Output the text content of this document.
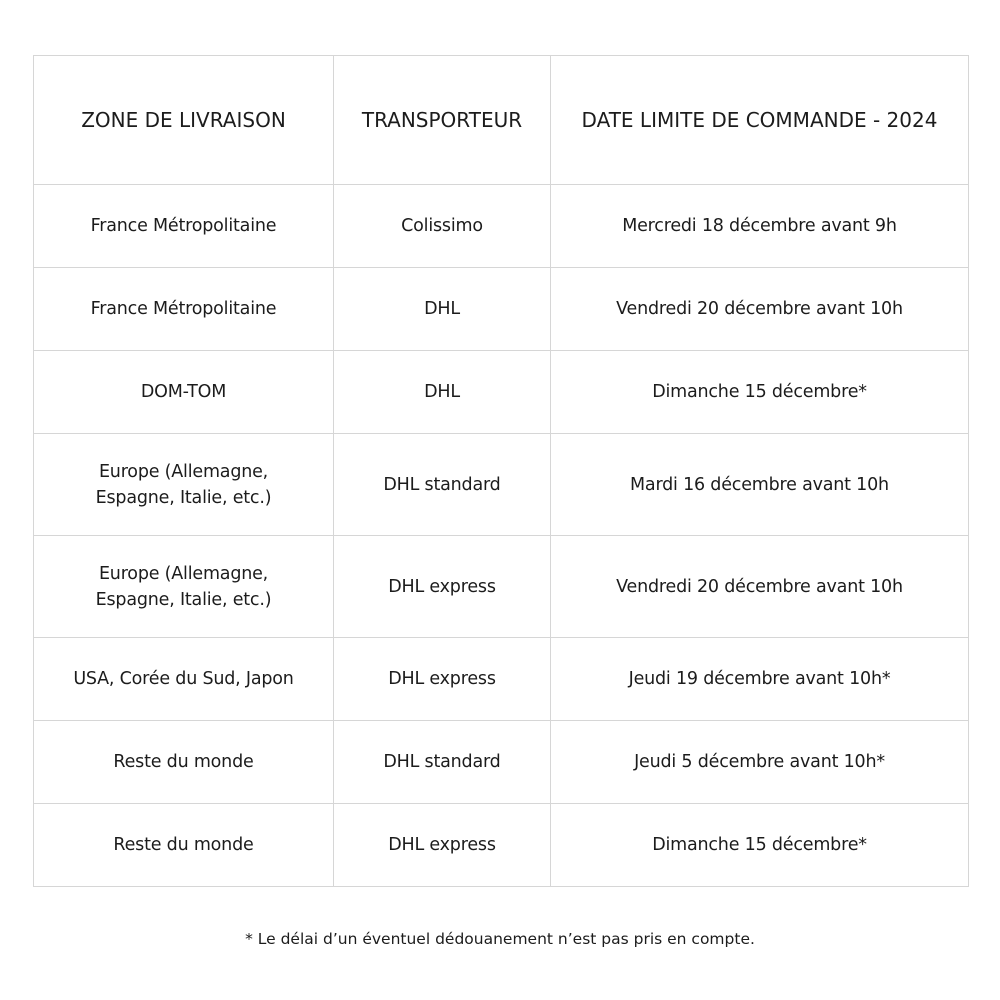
ZONE DE LIVRAISON	TRANSPORTEUR	DATE LIMITE DE COMMANDE - 2024
France Métropolitaine	Colissimo	Mercredi 18 décembre avant 9h
France Métropolitaine	DHL	Vendredi 20 décembre avant 10h
DOM-TOM	DHL	Dimanche 15 décembre*
Europe (Allemagne, Espagne, Italie, etc.)	DHL standard	Mardi 16 décembre avant 10h
Europe (Allemagne, Espagne, Italie, etc.)	DHL express	Vendredi 20 décembre avant 10h
USA, Corée du Sud, Japon	DHL express	Jeudi 19 décembre avant 10h*
Reste du monde	DHL standard	Jeudi 5 décembre avant 10h*
Reste du monde	DHL express	Dimanche 15 décembre*
* Le délai d’un éventuel dédouanement n’est pas pris en compte.
